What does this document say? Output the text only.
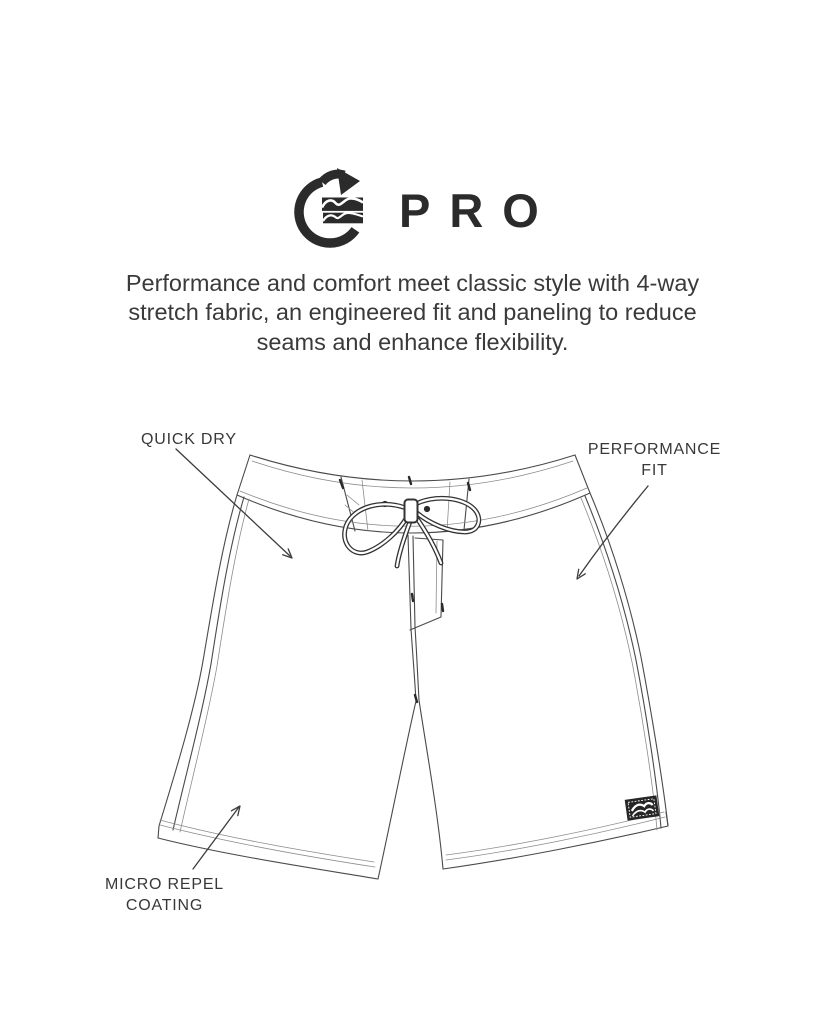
PRO
Performance and comfort meet classic style with 4-way
stretch fabric, an engineered fit and paneling to reduce
seams and enhance flexibility.
QUICK DRY
PERFORMANCE
FIT
MICRO REPEL
COATING
